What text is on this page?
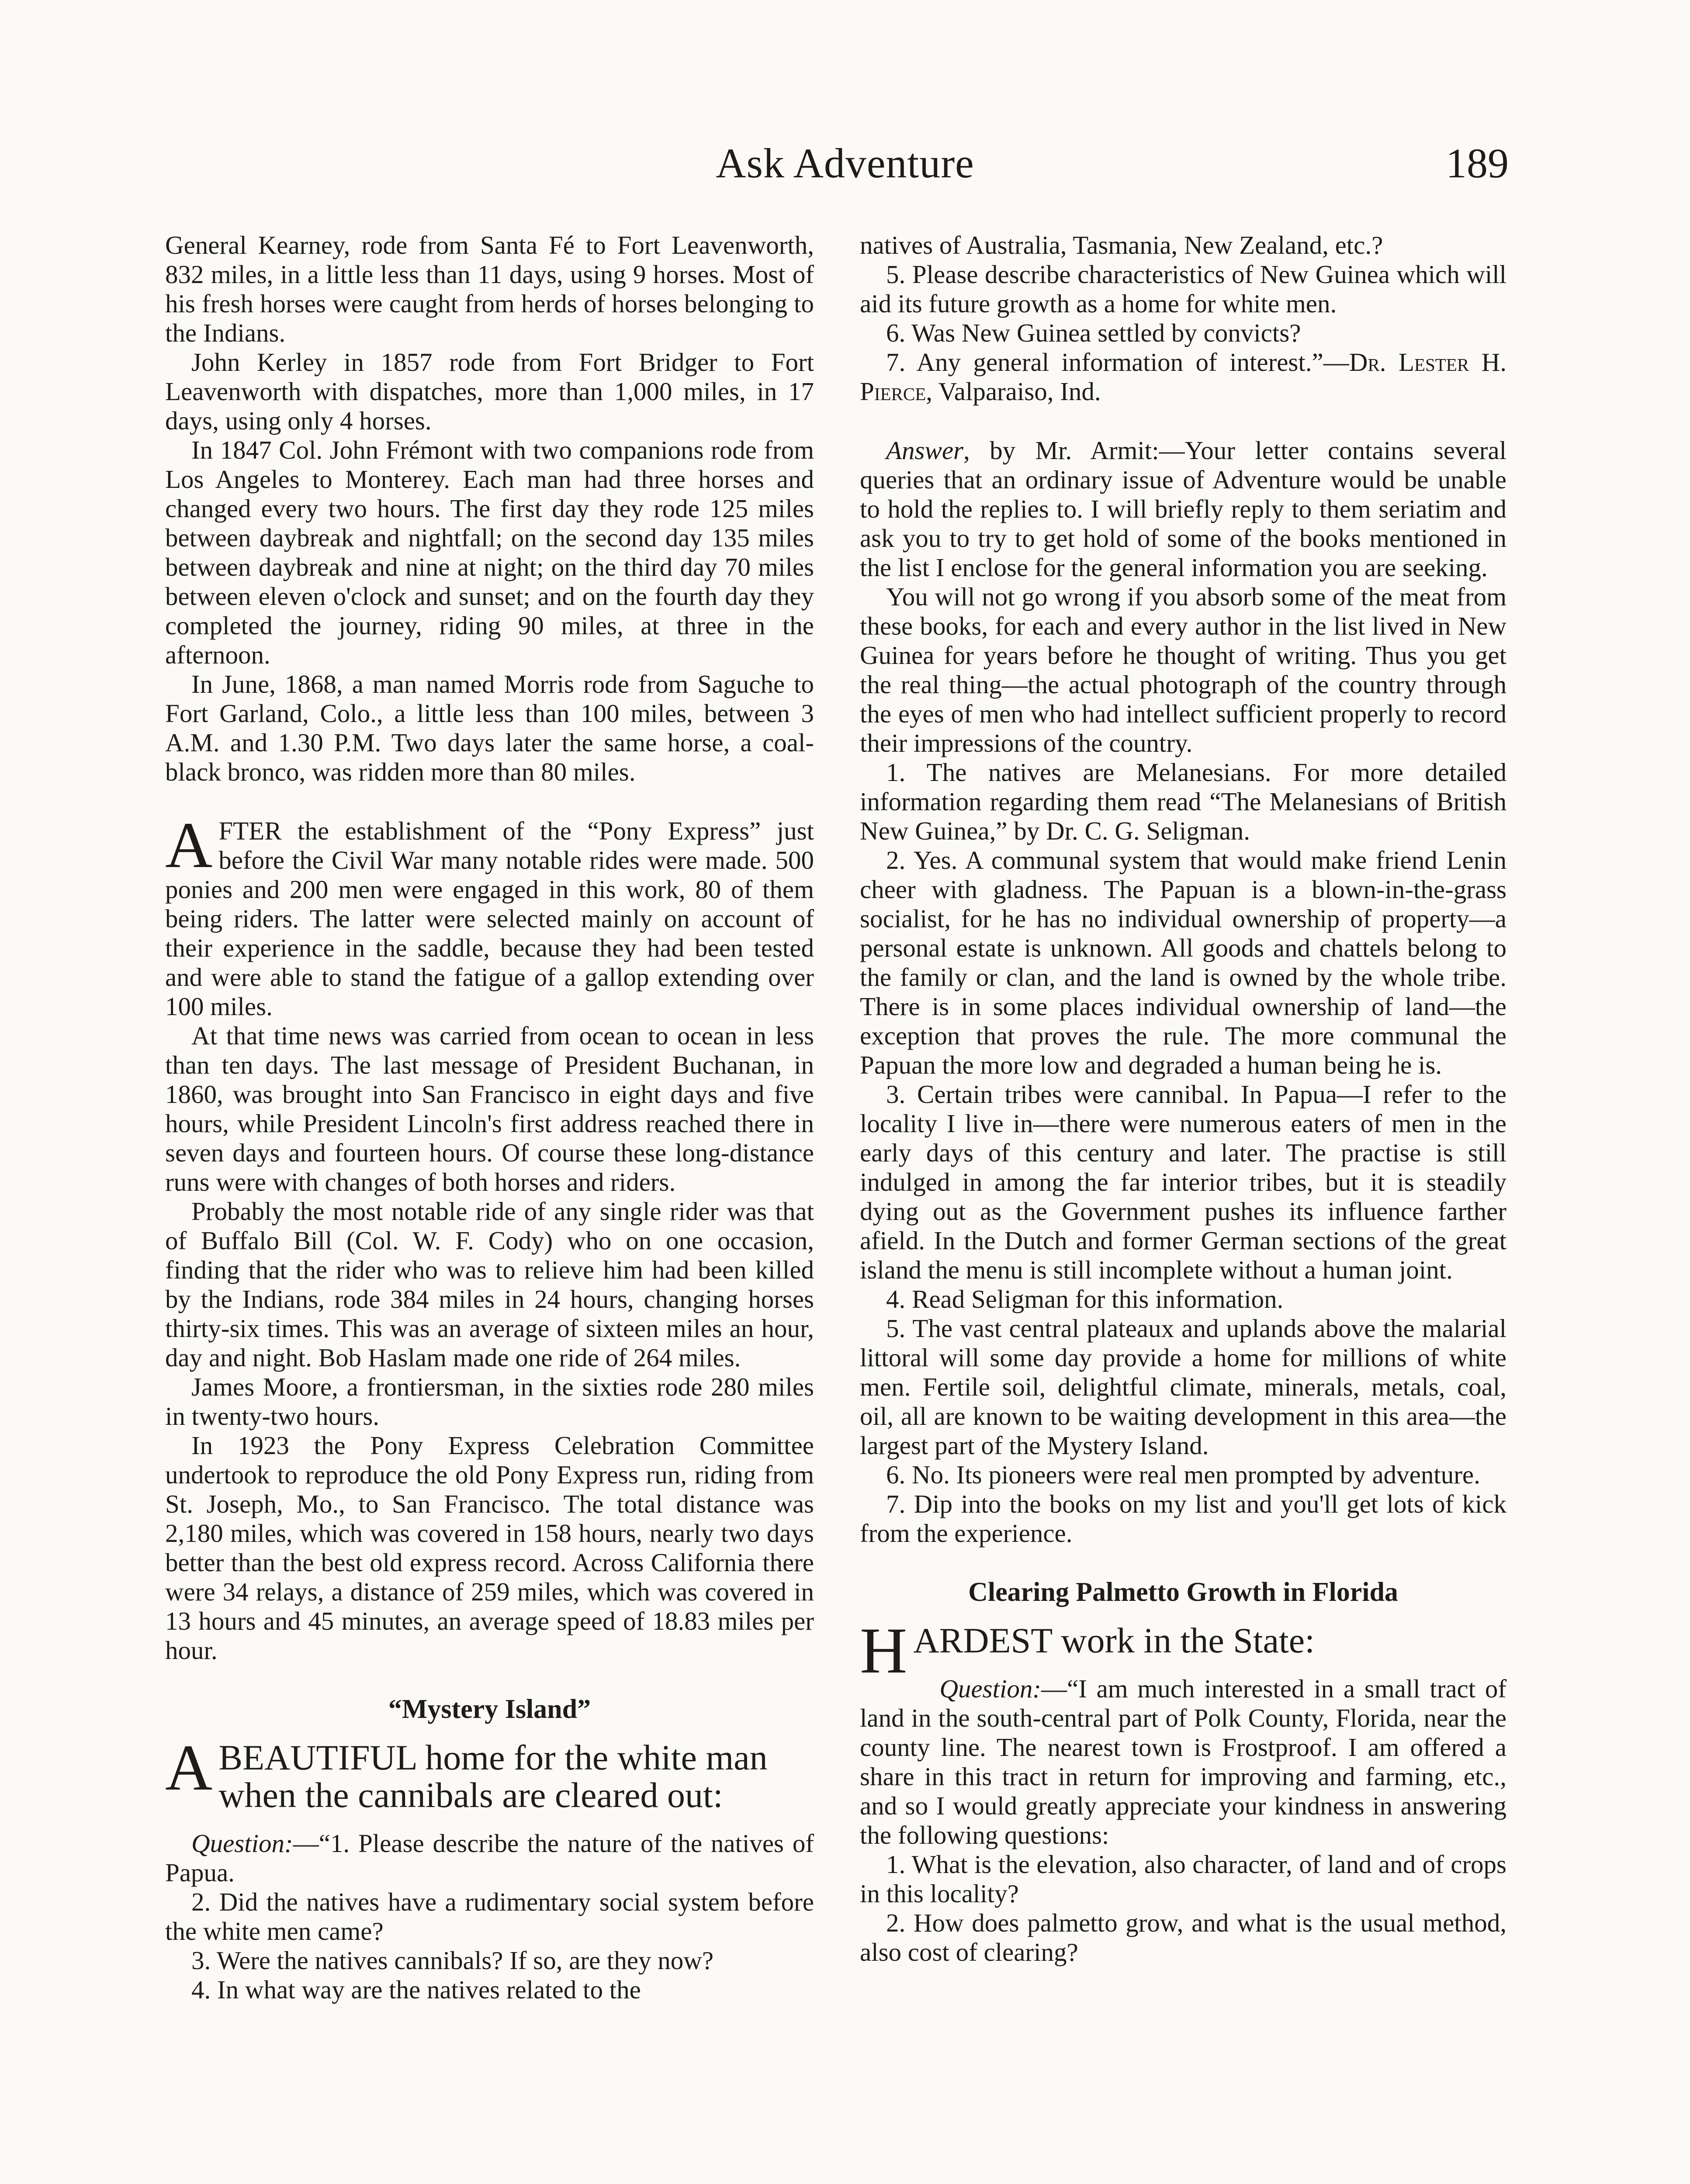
Ask Adventure	189

General Kearney, rode from Santa Fé to Fort Leavenworth, 832 miles, in a little less than 11 days, using 9 horses. Most of his fresh horses were caught from herds of horses belonging to the Indians.

John Kerley in 1857 rode from Fort Bridger to Fort Leavenworth with dispatches, more than 1,000 miles, in 17 days, using only 4 horses.

In 1847 Col. John Frémont with two companions rode from Los Angeles to Monterey. Each man had three horses and changed every two hours. The first day they rode 125 miles between daybreak and nightfall; on the second day 135 miles between daybreak and nine at night; on the third day 70 miles between eleven o'clock and sunset; and on the fourth day they completed the journey, riding 90 miles, at three in the afternoon.

In June, 1868, a man named Morris rode from Saguche to Fort Garland, Colo., a little less than 100 miles, between 3 A.M. and 1.30 P.M. Two days later the same horse, a coal-black bronco, was ridden more than 80 miles.

AFTER the establishment of the “Pony Express” just before the Civil War many notable rides were made. 500 ponies and 200 men were engaged in this work, 80 of them being riders. The latter were selected mainly on account of their experience in the saddle, because they had been tested and were able to stand the fatigue of a gallop extending over 100 miles.

At that time news was carried from ocean to ocean in less than ten days. The last message of President Buchanan, in 1860, was brought into San Francisco in eight days and five hours, while President Lincoln's first address reached there in seven days and fourteen hours. Of course these long-distance runs were with changes of both horses and riders.

Probably the most notable ride of any single rider was that of Buffalo Bill (Col. W. F. Cody) who on one occasion, finding that the rider who was to relieve him had been killed by the Indians, rode 384 miles in 24 hours, changing horses thirty-six times. This was an average of sixteen miles an hour, day and night. Bob Haslam made one ride of 264 miles.

James Moore, a frontiersman, in the sixties rode 280 miles in twenty-two hours.

In 1923 the Pony Express Celebration Committee undertook to reproduce the old Pony Express run, riding from St. Joseph, Mo., to San Francisco. The total distance was 2,180 miles, which was covered in 158 hours, nearly two days better than the best old express record. Across California there were 34 relays, a distance of 259 miles, which was covered in 13 hours and 45 minutes, an average speed of 18.83 miles per hour.

“Mystery Island”

ABEAUTIFUL home for the white man when the cannibals are cleared out:

Question:—“1. Please describe the nature of the natives of Papua.

2. Did the natives have a rudimentary social system before the white men came?

3. Were the natives cannibals? If so, are they now?

4. In what way are the natives related to the

natives of Australia, Tasmania, New Zealand, etc.?

5. Please describe characteristics of New Guinea which will aid its future growth as a home for white men.

6. Was New Guinea settled by convicts?

7. Any general information of interest.”—Dr. Lester H. Pierce, Valparaiso, Ind.

Answer, by Mr. Armit:—Your letter contains several queries that an ordinary issue of Adventure would be unable to hold the replies to. I will briefly reply to them seriatim and ask you to try to get hold of some of the books mentioned in the list I enclose for the general information you are seeking.

You will not go wrong if you absorb some of the meat from these books, for each and every author in the list lived in New Guinea for years before he thought of writing. Thus you get the real thing—the actual photograph of the country through the eyes of men who had intellect sufficient properly to record their impressions of the country.

1. The natives are Melanesians. For more detailed information regarding them read “The Melanesians of British New Guinea,” by Dr. C. G. Seligman.

2. Yes. A communal system that would make friend Lenin cheer with gladness. The Papuan is a blown-in-the-grass socialist, for he has no individual ownership of property—a personal estate is unknown. All goods and chattels belong to the family or clan, and the land is owned by the whole tribe. There is in some places individual ownership of land—the exception that proves the rule. The more communal the Papuan the more low and degraded a human being he is.

3. Certain tribes were cannibal. In Papua—I refer to the locality I live in—there were numerous eaters of men in the early days of this century and later. The practise is still indulged in among the far interior tribes, but it is steadily dying out as the Government pushes its influence farther afield. In the Dutch and former German sections of the great island the menu is still incomplete without a human joint.

4. Read Seligman for this information.

5. The vast central plateaux and uplands above the malarial littoral will some day provide a home for millions of white men. Fertile soil, delightful climate, minerals, metals, coal, oil, all are known to be waiting development in this area—the largest part of the Mystery Island.

6. No. Its pioneers were real men prompted by adventure.

7. Dip into the books on my list and you'll get lots of kick from the experience.

Clearing Palmetto Growth in Florida

HARDEST work in the State:

Question:—“I am much interested in a small tract of land in the south-central part of Polk County, Florida, near the county line. The nearest town is Frostproof. I am offered a share in this tract in return for improving and farming, etc., and so I would greatly appreciate your kindness in answering the following questions:

1. What is the elevation, also character, of land and of crops in this locality?

2. How does palmetto grow, and what is the usual method, also cost of clearing?
